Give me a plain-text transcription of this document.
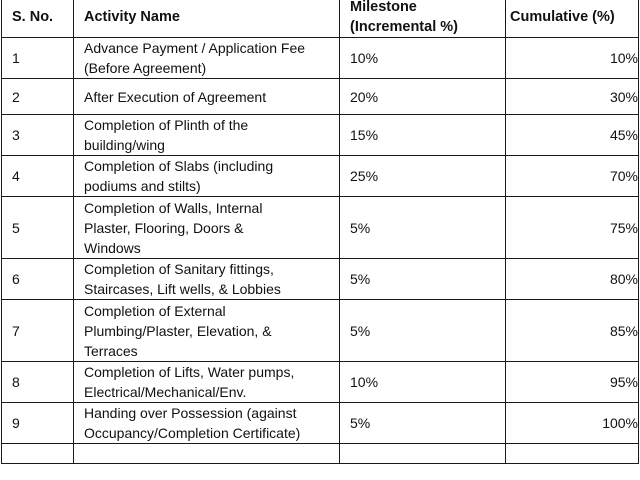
S. No.	Activity Name	Milestone
(Incremental %)	Cumulative (%)
1	Advance Payment / Application Fee
(Before Agreement)	10%	10%
2	After Execution of Agreement	20%	30%
3	Completion of Plinth of the
building/wing	15%	45%
4	Completion of Slabs (including
podiums and stilts)	25%	70%
5	Completion of Walls, Internal
Plaster, Flooring, Doors &
Windows	5%	75%
6	Completion of Sanitary fittings,
Staircases, Lift wells, & Lobbies	5%	80%
7	Completion of External
Plumbing/Plaster, Elevation, &
Terraces	5%	85%
8	Completion of Lifts, Water pumps,
Electrical/Mechanical/Env.	10%	95%
9	Handing over Possession (against
Occupancy/Completion Certificate)	5%	100%
